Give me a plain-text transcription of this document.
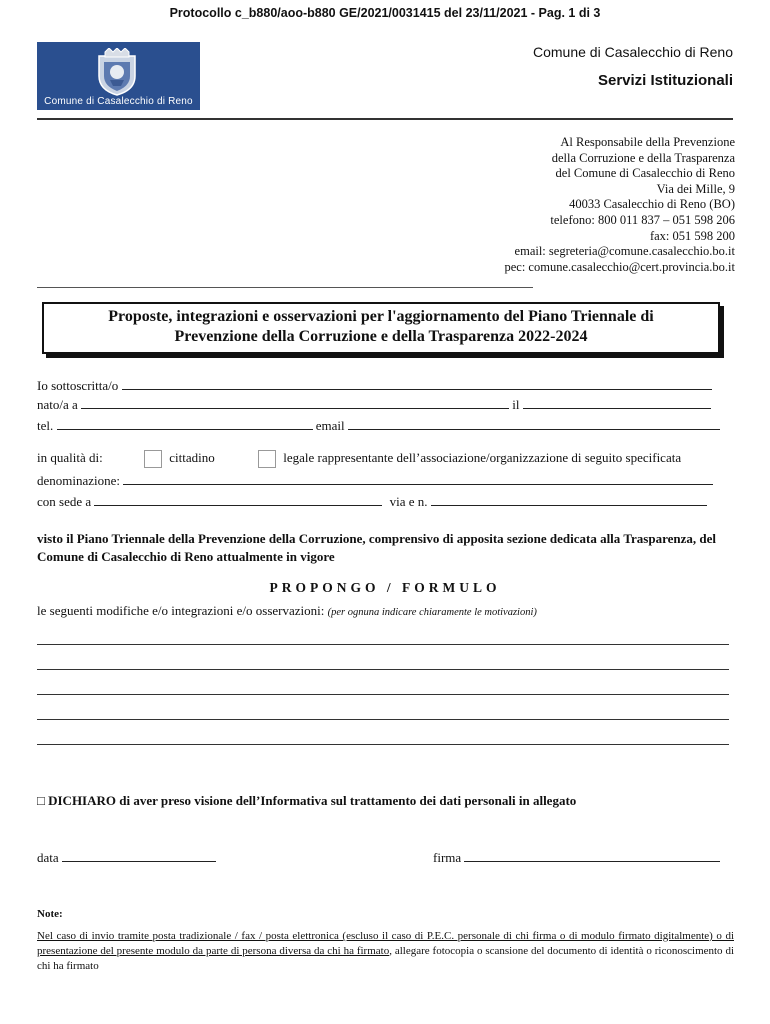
Protocollo c_b880/aoo-b880 GE/2021/0031415 del 23/11/2021 - Pag. 1 di 3
Comune di Casalecchio di Reno
Comune di Casalecchio di Reno
Servizi Istituzionali
Al Responsabile della Prevenzione
della Corruzione e della Trasparenza
del Comune di Casalecchio di Reno
Via dei Mille, 9
40033 Casalecchio di Reno (BO)
telefono: 800 011 837 – 051 598 206
fax: 051 598 200
email: segreteria@comune.casalecchio.bo.it
pec: comune.casalecchio@cert.provincia.bo.it
Proposte, integrazioni e osservazioni per l'aggiornamento del Piano Triennale di
Prevenzione della Corruzione e della Trasparenza 2022-2024
Io sottoscritta/o
nato/a a	il
tel.	email
in qualità di:	cittadino	legale rappresentante dell’associazione/organizzazione di seguito specificata
denominazione:
con sede a	via e n.
visto il Piano Triennale della Prevenzione della Corruzione, comprensivo di apposita sezione dedicata alla Trasparenza, del Comune di Casalecchio di Reno attualmente in vigore
PROPONGO / FORMULO
le seguenti modifiche e/o integrazioni e/o osservazioni: (per ognuna indicare chiaramente le motivazioni)
□ DICHIARO di aver preso visione dell’Informativa sul trattamento dei dati personali in allegato
data	firma
Note:
Nel caso di invio tramite posta tradizionale / fax / posta elettronica (escluso il caso di P.E.C. personale di chi firma o di modulo firmato digitalmente) o di presentazione del presente modulo da parte di persona diversa da chi ha firmato, allegare fotocopia o scansione del documento di identità o riconoscimento di chi ha firmato
